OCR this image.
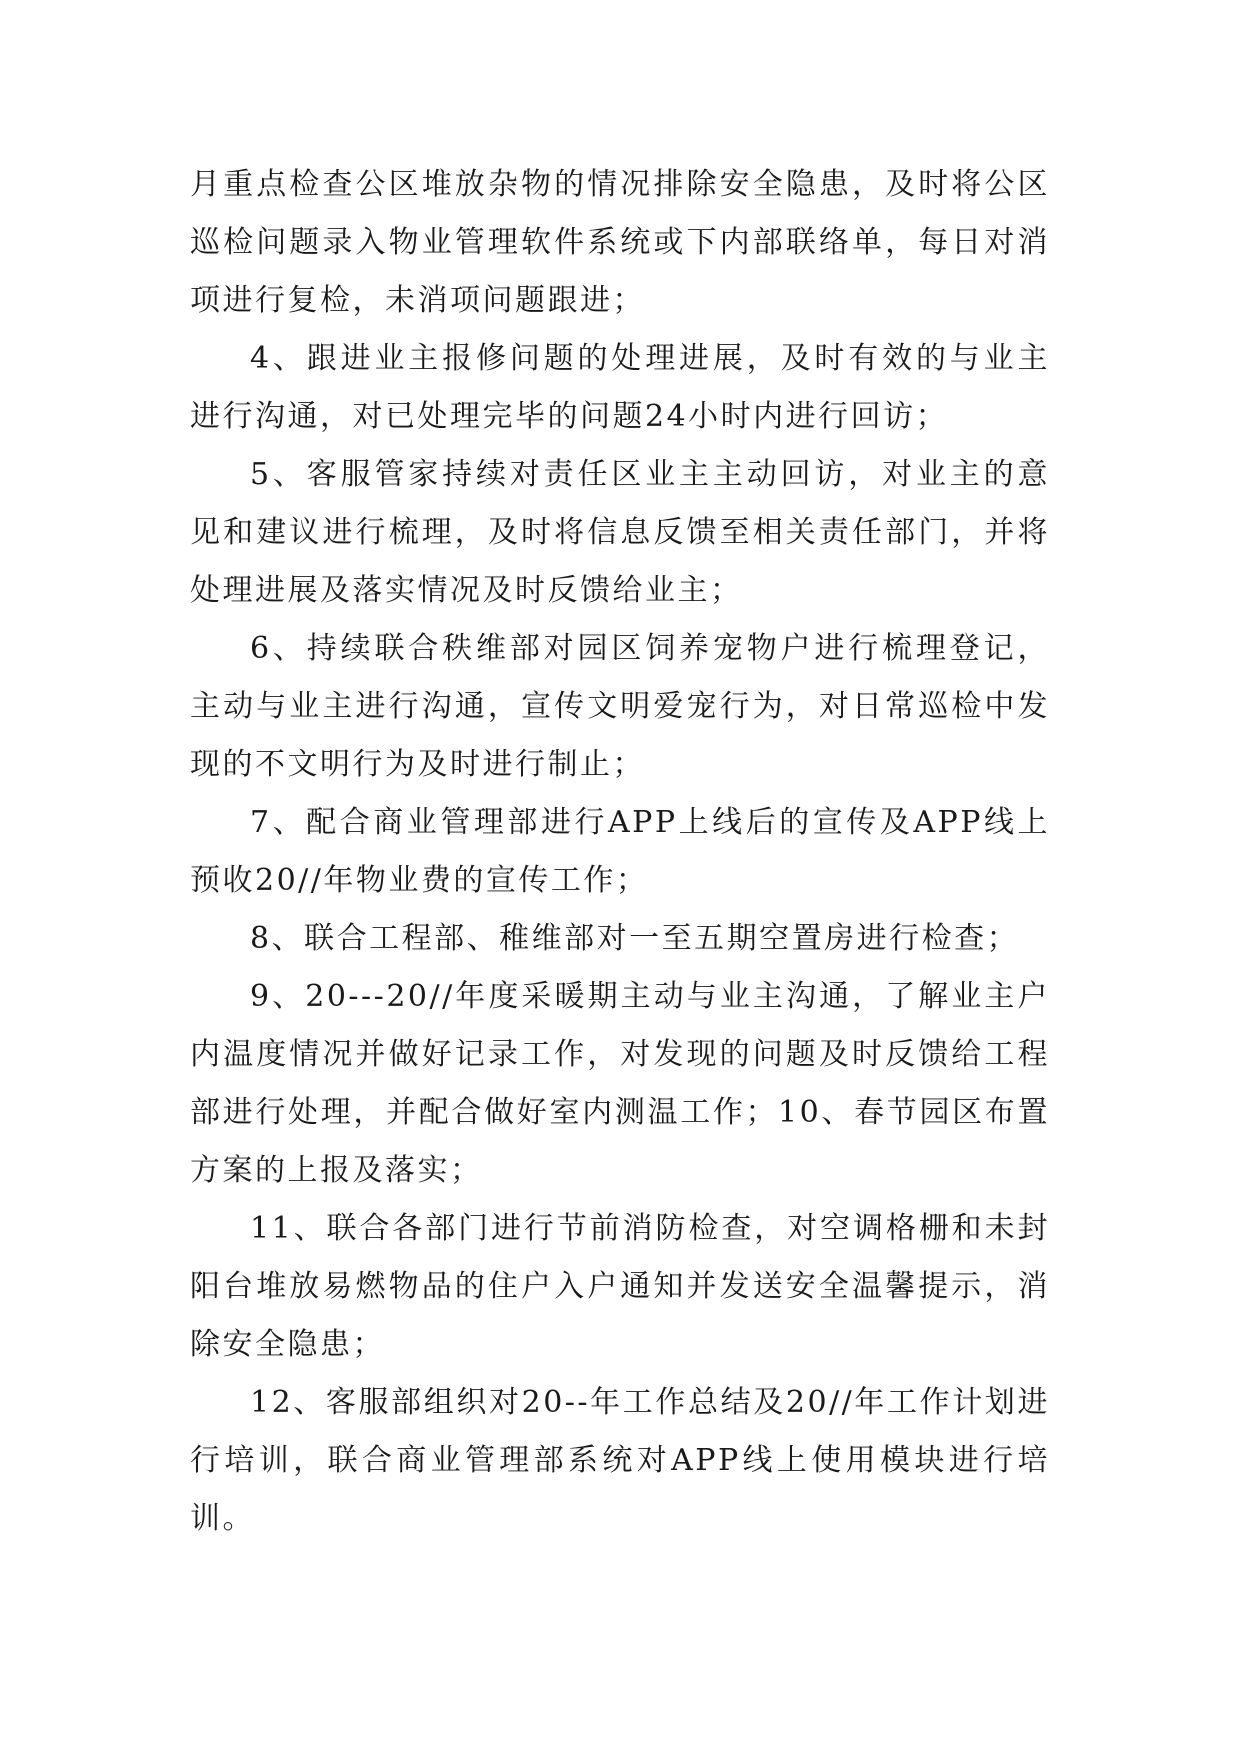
月重点检查公区堆放杂物的情况排除安全隐患，及时将公区巡检问题录入物业管理软件系统或下内部联络单，每日对消项进行复检，未消项问题跟进；

4、跟进业主报修问题的处理进展，及时有效的与业主进行沟通，对已处理完毕的问题24小时内进行回访；

5、客服管家持续对责任区业主主动回访，对业主的意见和建议进行梳理，及时将信息反馈至相关责任部门，并将处理进展及落实情况及时反馈给业主；

6、持续联合秩维部对园区饲养宠物户进行梳理登记，主动与业主进行沟通，宣传文明爱宠行为，对日常巡检中发现的不文明行为及时进行制止；

7、配合商业管理部进行APP上线后的宣传及APP线上预收20//年物业费的宣传工作；

8、联合工程部、稚维部对一至五期空置房进行检查；

9、20---20//年度采暖期主动与业主沟通，了解业主户内温度情况并做好记录工作，对发现的问题及时反馈给工程部进行处理，并配合做好室内测温工作；10、春节园区布置方案的上报及落实；

11、联合各部门进行节前消防检查，对空调格栅和未封阳台堆放易燃物品的住户入户通知并发送安全温馨提示，消除安全隐患；

12、客服部组织对20--年工作总结及20//年工作计划进行培训，联合商业管理部系统对APP线上使用模块进行培训。
